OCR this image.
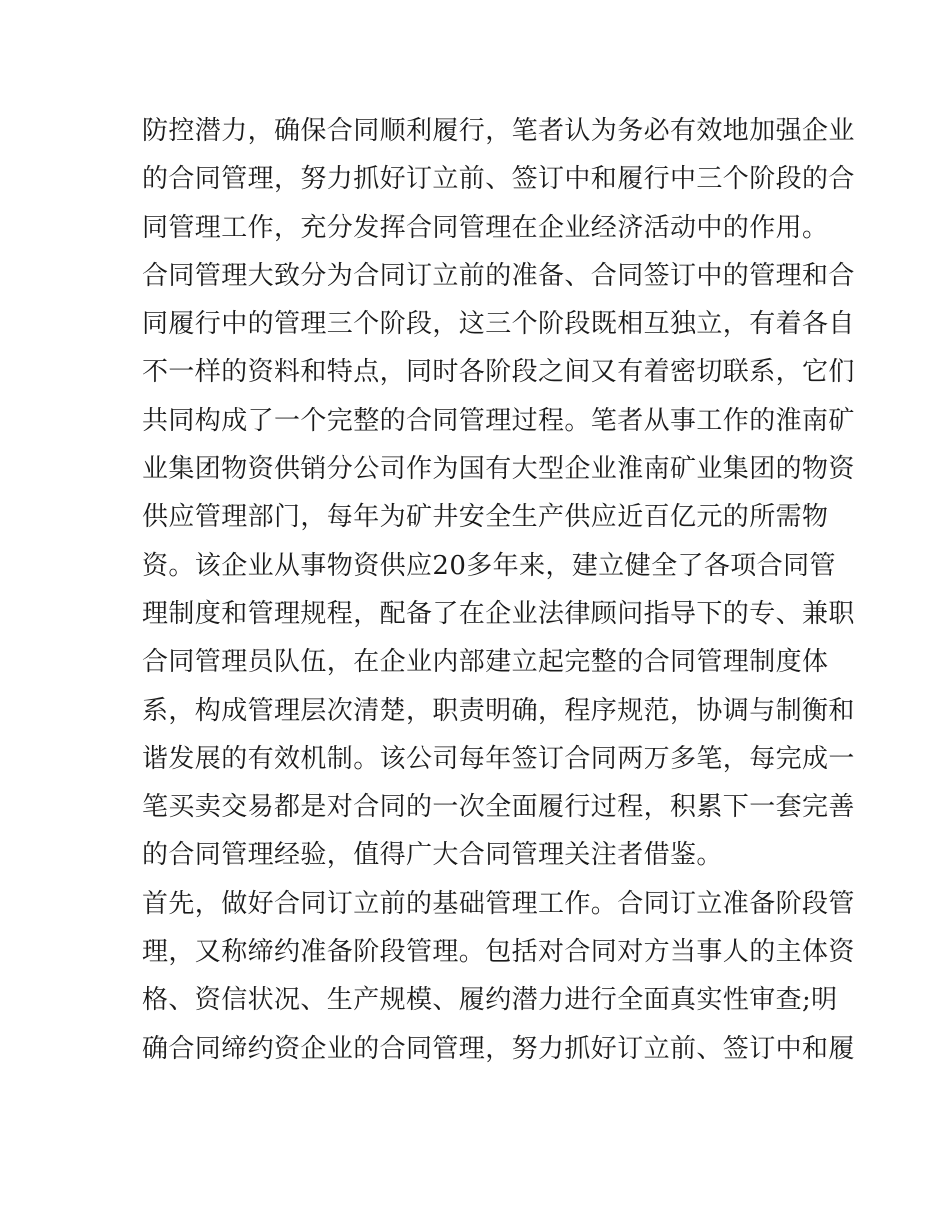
防控潜力，确保合同顺利履行，笔者认为务必有效地加强企业
的合同管理，努力抓好订立前、签订中和履行中三个阶段的合
同管理工作，充分发挥合同管理在企业经济活动中的作用。
合同管理大致分为合同订立前的准备、合同签订中的管理和合
同履行中的管理三个阶段，这三个阶段既相互独立，有着各自
不一样的资料和特点，同时各阶段之间又有着密切联系，它们
共同构成了一个完整的合同管理过程。笔者从事工作的淮南矿
业集团物资供销分公司作为国有大型企业淮南矿业集团的物资
供应管理部门，每年为矿井安全生产供应近百亿元的所需物
资。该企业从事物资供应20多年来，建立健全了各项合同管
理制度和管理规程，配备了在企业法律顾问指导下的专、兼职
合同管理员队伍，在企业内部建立起完整的合同管理制度体
系，构成管理层次清楚，职责明确，程序规范，协调与制衡和
谐发展的有效机制。该公司每年签订合同两万多笔，每完成一
笔买卖交易都是对合同的一次全面履行过程，积累下一套完善
的合同管理经验，值得广大合同管理关注者借鉴。
首先，做好合同订立前的基础管理工作。合同订立准备阶段管
理，又称缔约准备阶段管理。包括对合同对方当事人的主体资
格、资信状况、生产规模、履约潜力进行全面真实性审查;明
确合同缔约资企业的合同管理，努力抓好订立前、签订中和履
